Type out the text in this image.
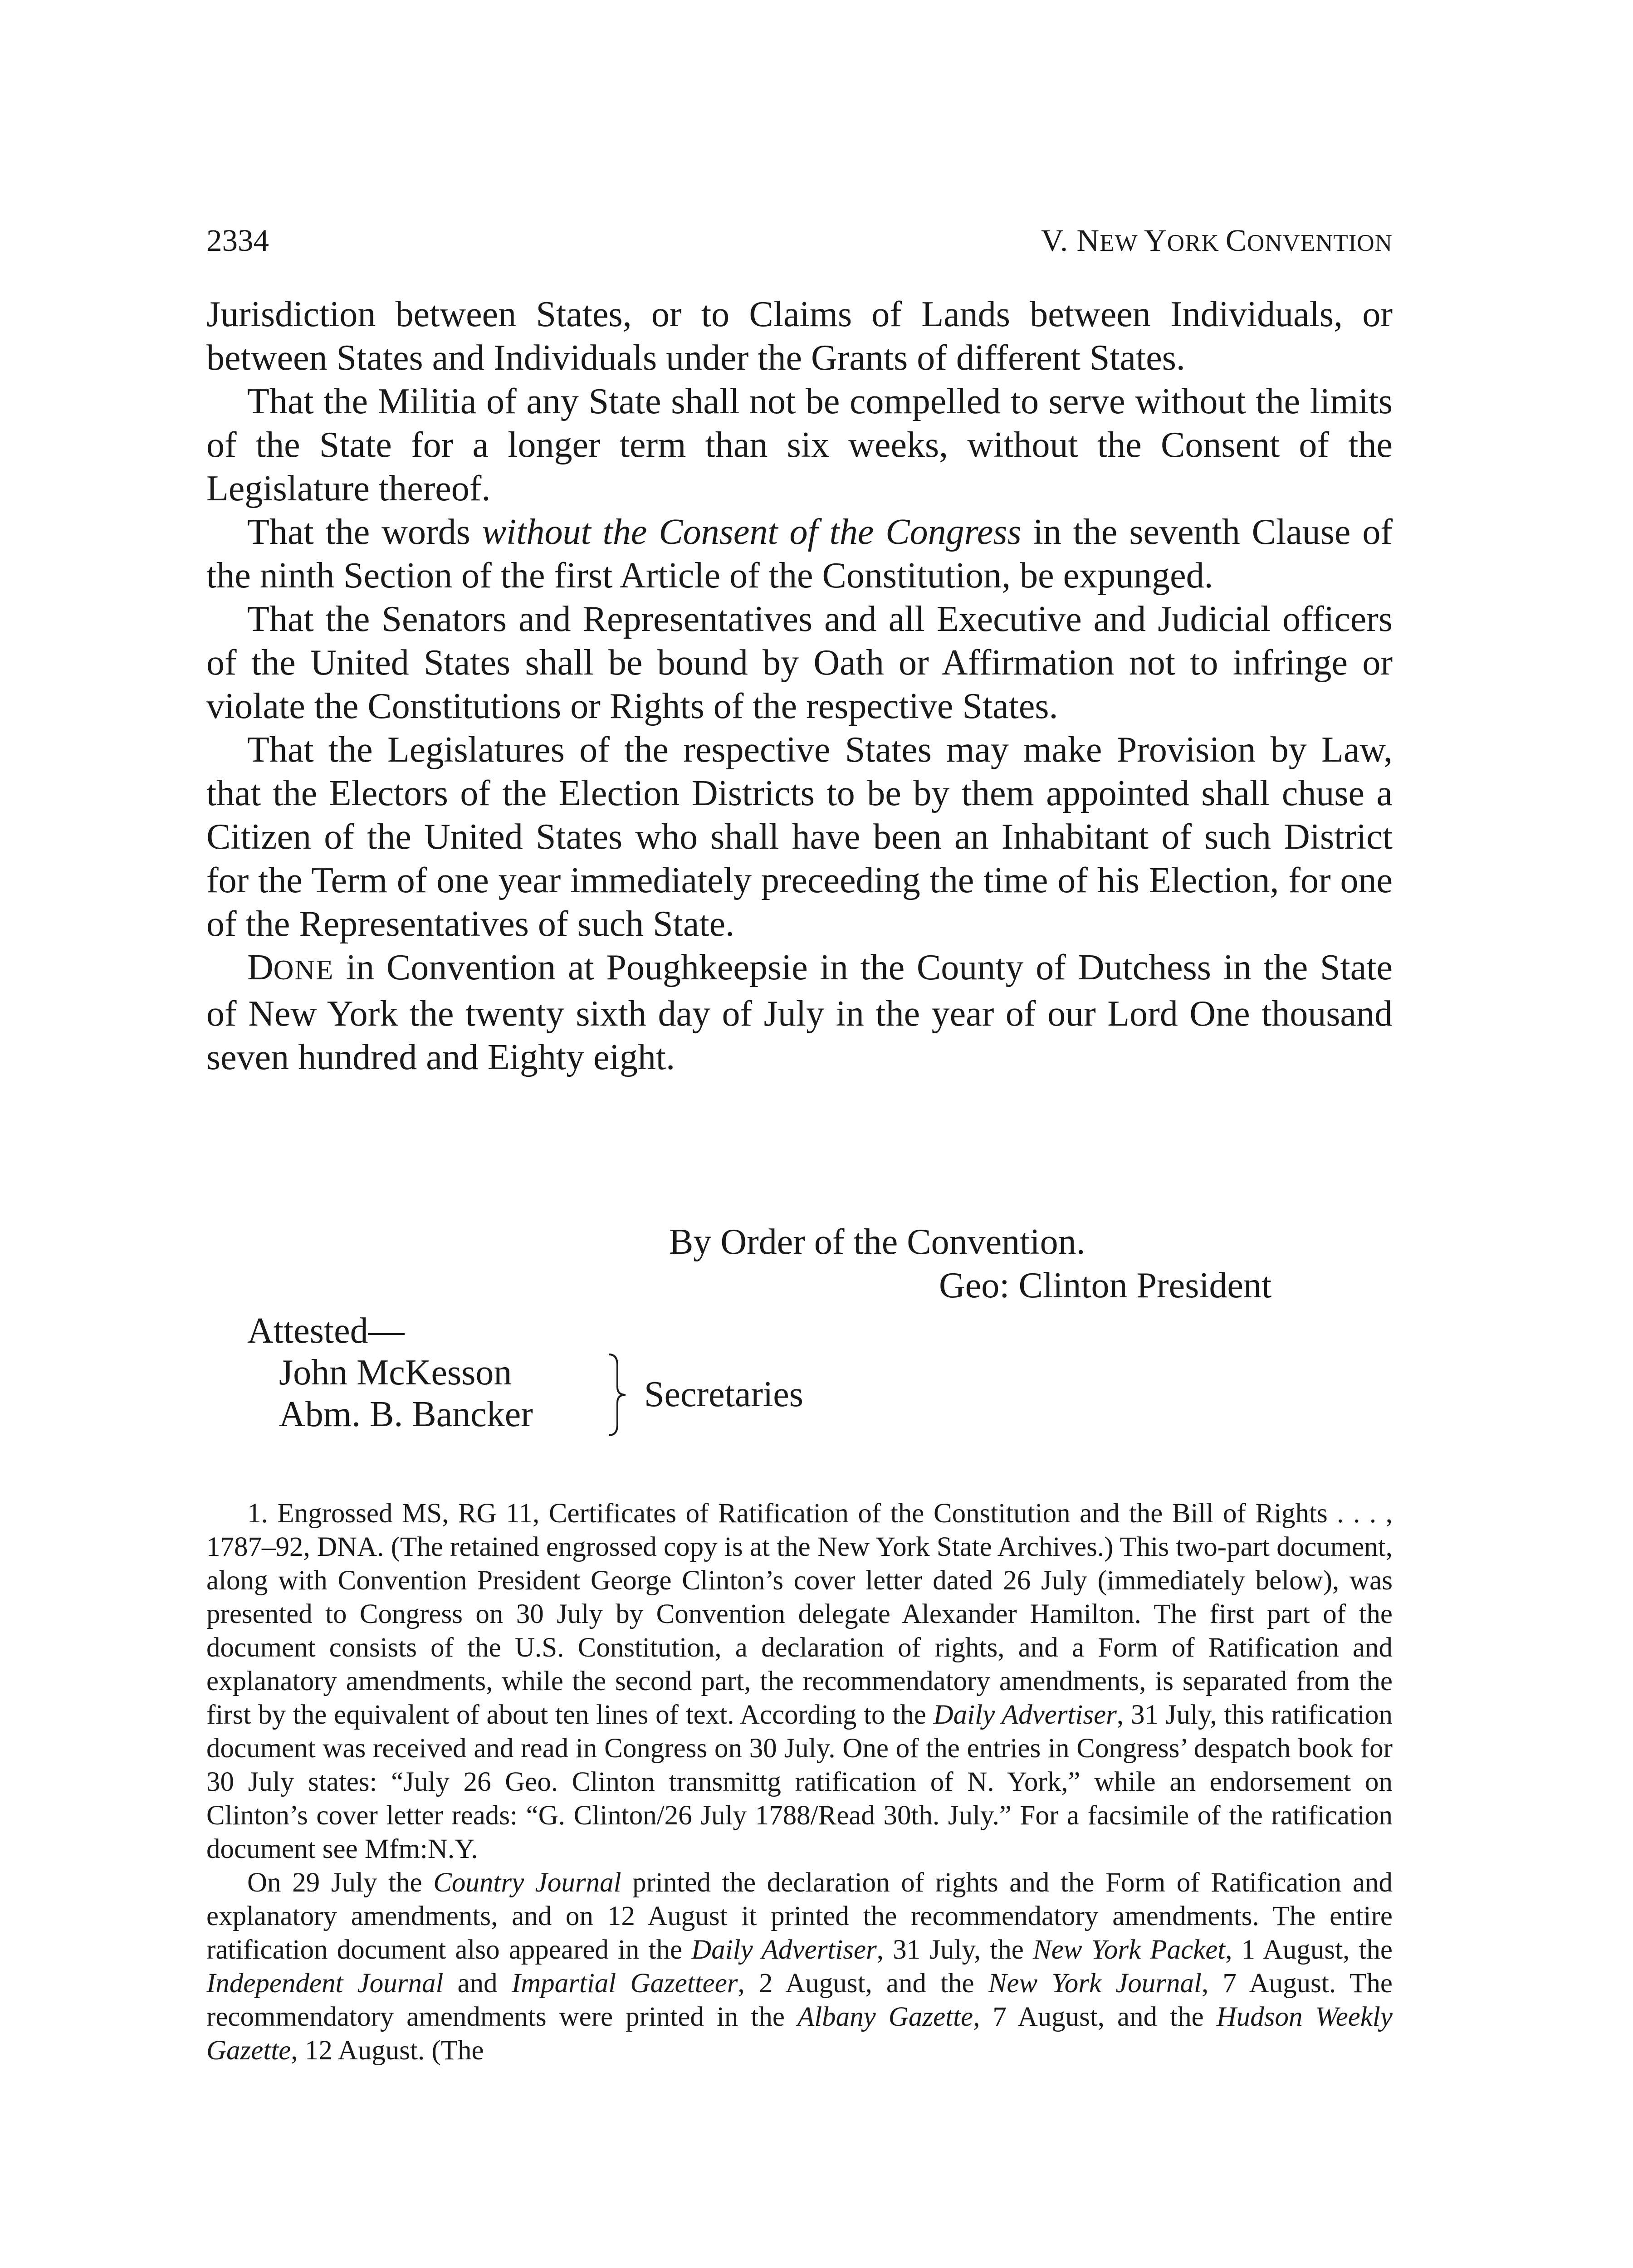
2334	V. NEW YORK CONVENTION

Jurisdiction between States, or to Claims of Lands between Individuals, or between States and Individuals under the Grants of different States.

That the Militia of any State shall not be compelled to serve without the limits of the State for a longer term than six weeks, without the Consent of the Legislature thereof.

That the words without the Consent of the Congress in the seventh Clause of the ninth Section of the first Article of the Constitution, be expunged.

That the Senators and Representatives and all Executive and Judicial officers of the United States shall be bound by Oath or Affirmation not to infringe or violate the Constitutions or Rights of the respective States.

That the Legislatures of the respective States may make Provision by Law, that the Electors of the Election Districts to be by them appointed shall chuse a Citizen of the United States who shall have been an Inhabitant of such District for the Term of one year immediately preceeding the time of his Election, for one of the Representatives of such State.

DONE in Convention at Poughkeepsie in the County of Dutchess in the State of New York the twenty sixth day of July in the year of our Lord One thousand seven hundred and Eighty eight.

By Order of the Convention.
Geo: Clinton President
Attested—
John McKesson
Abm. B. Bancker	Secretaries

1. Engrossed MS, RG 11, Certificates of Ratification of the Constitution and the Bill of Rights . . . , 1787–92, DNA. (The retained engrossed copy is at the New York State Archives.) This two-part document, along with Convention President George Clinton’s cover letter dated 26 July (immediately below), was presented to Congress on 30 July by Convention delegate Alexander Hamilton. The first part of the document consists of the U.S. Constitution, a declaration of rights, and a Form of Ratification and explanatory amendments, while the second part, the recommendatory amendments, is separated from the first by the equivalent of about ten lines of text. According to the Daily Advertiser, 31 July, this ratification document was received and read in Congress on 30 July. One of the entries in Congress’ despatch book for 30 July states: “July 26 Geo. Clinton transmittg ratification of N. York,” while an endorsement on Clinton’s cover letter reads: “G. Clinton/26 July 1788/Read 30th. July.” For a facsimile of the ratification document see Mfm:N.Y.

On 29 July the Country Journal printed the declaration of rights and the Form of Ratification and explanatory amendments, and on 12 August it printed the recommendatory amendments. The entire ratification document also appeared in the Daily Advertiser, 31 July, the New York Packet, 1 August, the Independent Journal and Impartial Gazetteer, 2 August, and the New York Journal, 7 August. The recommendatory amendments were printed in the Albany Gazette, 7 August, and the Hudson Weekly Gazette, 12 August. (The
